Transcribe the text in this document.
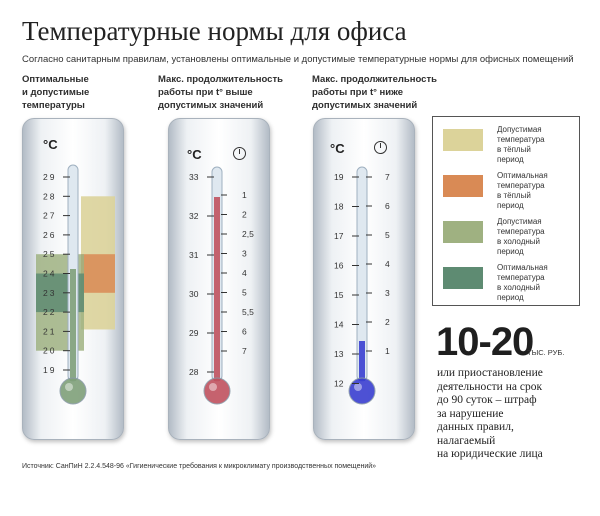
Температурные нормы для офиса
Согласно санитарным правилам, установлены оптимальные и допустимые температурные нормы для офисных помещений
Оптимальные
и допустимые
температуры
Макс. продолжительность
работы при t° выше
допустимых значений
Макс. продолжительность
работы при t° ниже
допустимых значений
°C
29
28
27
26
25
24
23
22
21
20
19
°C
33
32
31
30
29
28
1
2
2,5
3
4
5
5,5
6
7
°C
19
18
17
16
15
14
13
12
7
6
5
4
3
2
1
Допустимая
температура
в тёплый
период
Оптимальная
температура
в тёплый
период
Допустимая
температура
в холодный
период
Оптимальная
температура
в холодный
период
10-20
ТЫС. РУБ.
или приостановление
деятельности на срок
до 90 суток – штраф
за нарушение
данных правил,
налагаемый
на юридические лица
Источник: СанПиН 2.2.4.548-96 «Гигиенические требования к микроклимату производственных помещений»
